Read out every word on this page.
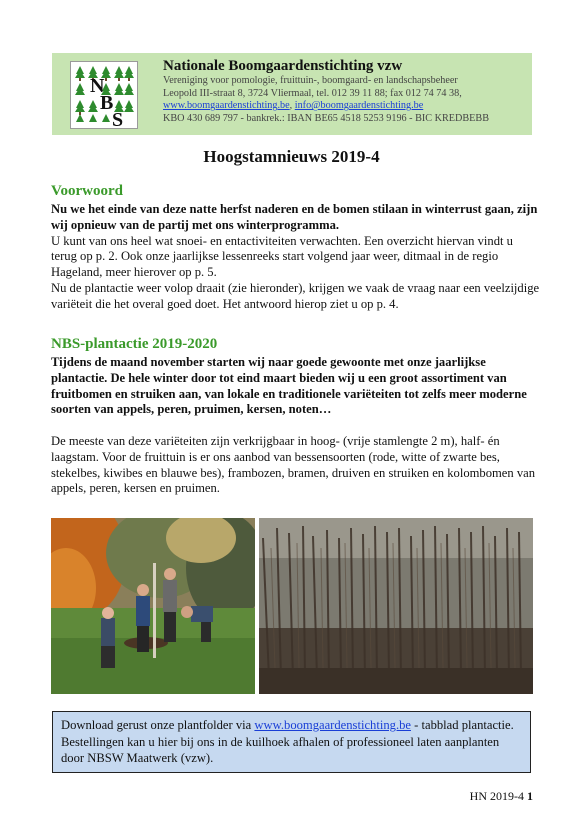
N
B
S

Nationale Boomgaardenstichting vzw

Vereniging voor pomologie, fruittuin-, boomgaard- en landschapsbeheer
Leopold III-straat 8, 3724 Vliermaal, tel. 012 39 11 88; fax 012 74 74 38,
www.boomgaardenstichting.be, info@boomgaardenstichting.be
KBO 430 689 797 - bankrek.: IBAN BE65 4518 5253 9196 - BIC KREDBEBB
Hoogstamnieuws 2019-4
Voorwoord
Nu we het einde van deze natte herfst naderen en de bomen stilaan in winterrust gaan, zijn wij opnieuw van de partij met ons winterprogramma.
U kunt van ons heel wat snoei- en entactiviteiten verwachten. Een overzicht hiervan vindt u terug op p. 2. Ook onze jaarlijkse lessenreeks start volgend jaar weer, ditmaal in de regio Hageland, meer hierover op p. 5.
Nu de plantactie weer volop draait (zie hieronder), krijgen we vaak de vraag naar een veelzijdige variëteit die het overal goed doet. Het antwoord hierop ziet u op p. 4.
NBS-plantactie 2019-2020
Tijdens de maand november starten wij naar goede gewoonte met onze jaarlijkse plantactie. De hele winter door tot eind maart bieden wij u een groot assortiment van fruitbomen en struiken aan, van lokale en traditionele variëteiten tot zelfs meer moderne soorten van appels, peren, pruimen, kersen, noten…

De meeste van deze variëteiten zijn verkrijgbaar in hoog- (vrije stamlengte 2 m), half- én laagstam. Voor de fruittuin is er ons aanbod van bessensoorten (rode, witte of zwarte bes, stekelbes, kiwibes en blauwe bes), frambozen, bramen, druiven en struiken en kolombomen van appels, peren, kersen en pruimen.
Download gerust onze plantfolder via www.boomgaardenstichting.be - tabblad plantactie. Bestellingen kan u hier bij ons in de kuilhoek afhalen of professioneel laten aanplanten door NBSW Maatwerk (vzw).
HN 2019-4 1
